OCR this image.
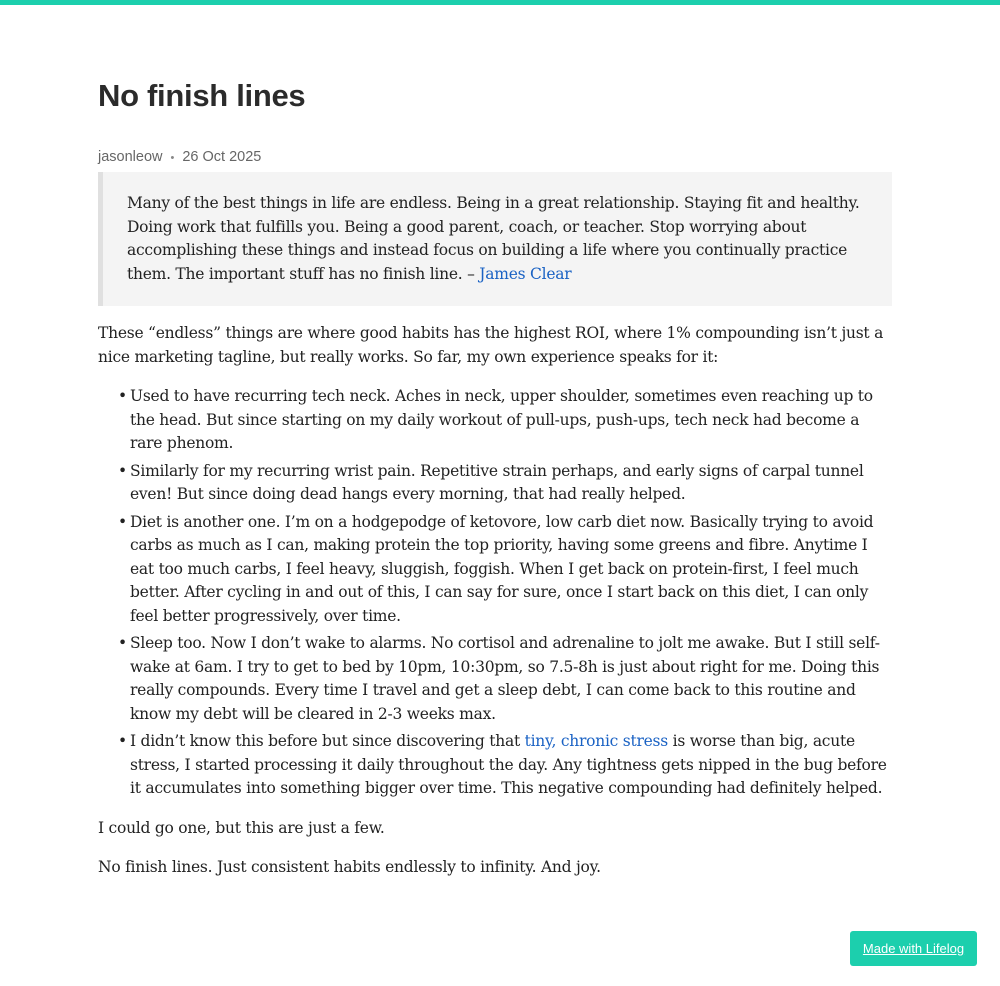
No finish lines
jasonleow • 26 Oct 2025

Many of the best things in life are endless. Being in a great relationship. Staying fit and healthy. Doing work that fulfills you. Being a good parent, coach, or teacher. Stop worrying about accomplishing these things and instead focus on building a life where you continually practice them. The important stuff has no finish line. – James Clear

These “endless” things are where good habits has the highest ROI, where 1% compounding isn’t just a nice marketing tagline, but really works. So far, my own experience speaks for it:

• Used to have recurring tech neck. Aches in neck, upper shoulder, sometimes even reaching up to the head. But since starting on my daily workout of pull-ups, push-ups, tech neck had become a rare phenom.
• Similarly for my recurring wrist pain. Repetitive strain perhaps, and early signs of carpal tunnel even! But since doing dead hangs every morning, that had really helped.
• Diet is another one. I’m on a hodgepodge of ketovore, low carb diet now. Basically trying to avoid carbs as much as I can, making protein the top priority, having some greens and fibre. Anytime I eat too much carbs, I feel heavy, sluggish, foggish. When I get back on protein-first, I feel much better. After cycling in and out of this, I can say for sure, once I start back on this diet, I can only feel better progressively, over time.
• Sleep too. Now I don’t wake to alarms. No cortisol and adrenaline to jolt me awake. But I still self-wake at 6am. I try to get to bed by 10pm, 10:30pm, so 7.5-8h is just about right for me. Doing this really compounds. Every time I travel and get a sleep debt, I can come back to this routine and know my debt will be cleared in 2-3 weeks max.
• I didn’t know this before but since discovering that tiny, chronic stress is worse than big, acute stress, I started processing it daily throughout the day. Any tightness gets nipped in the bug before it accumulates into something bigger over time. This negative compounding had definitely helped.

I could go one, but this are just a few.

No finish lines. Just consistent habits endlessly to infinity. And joy.

Made with Lifelog
